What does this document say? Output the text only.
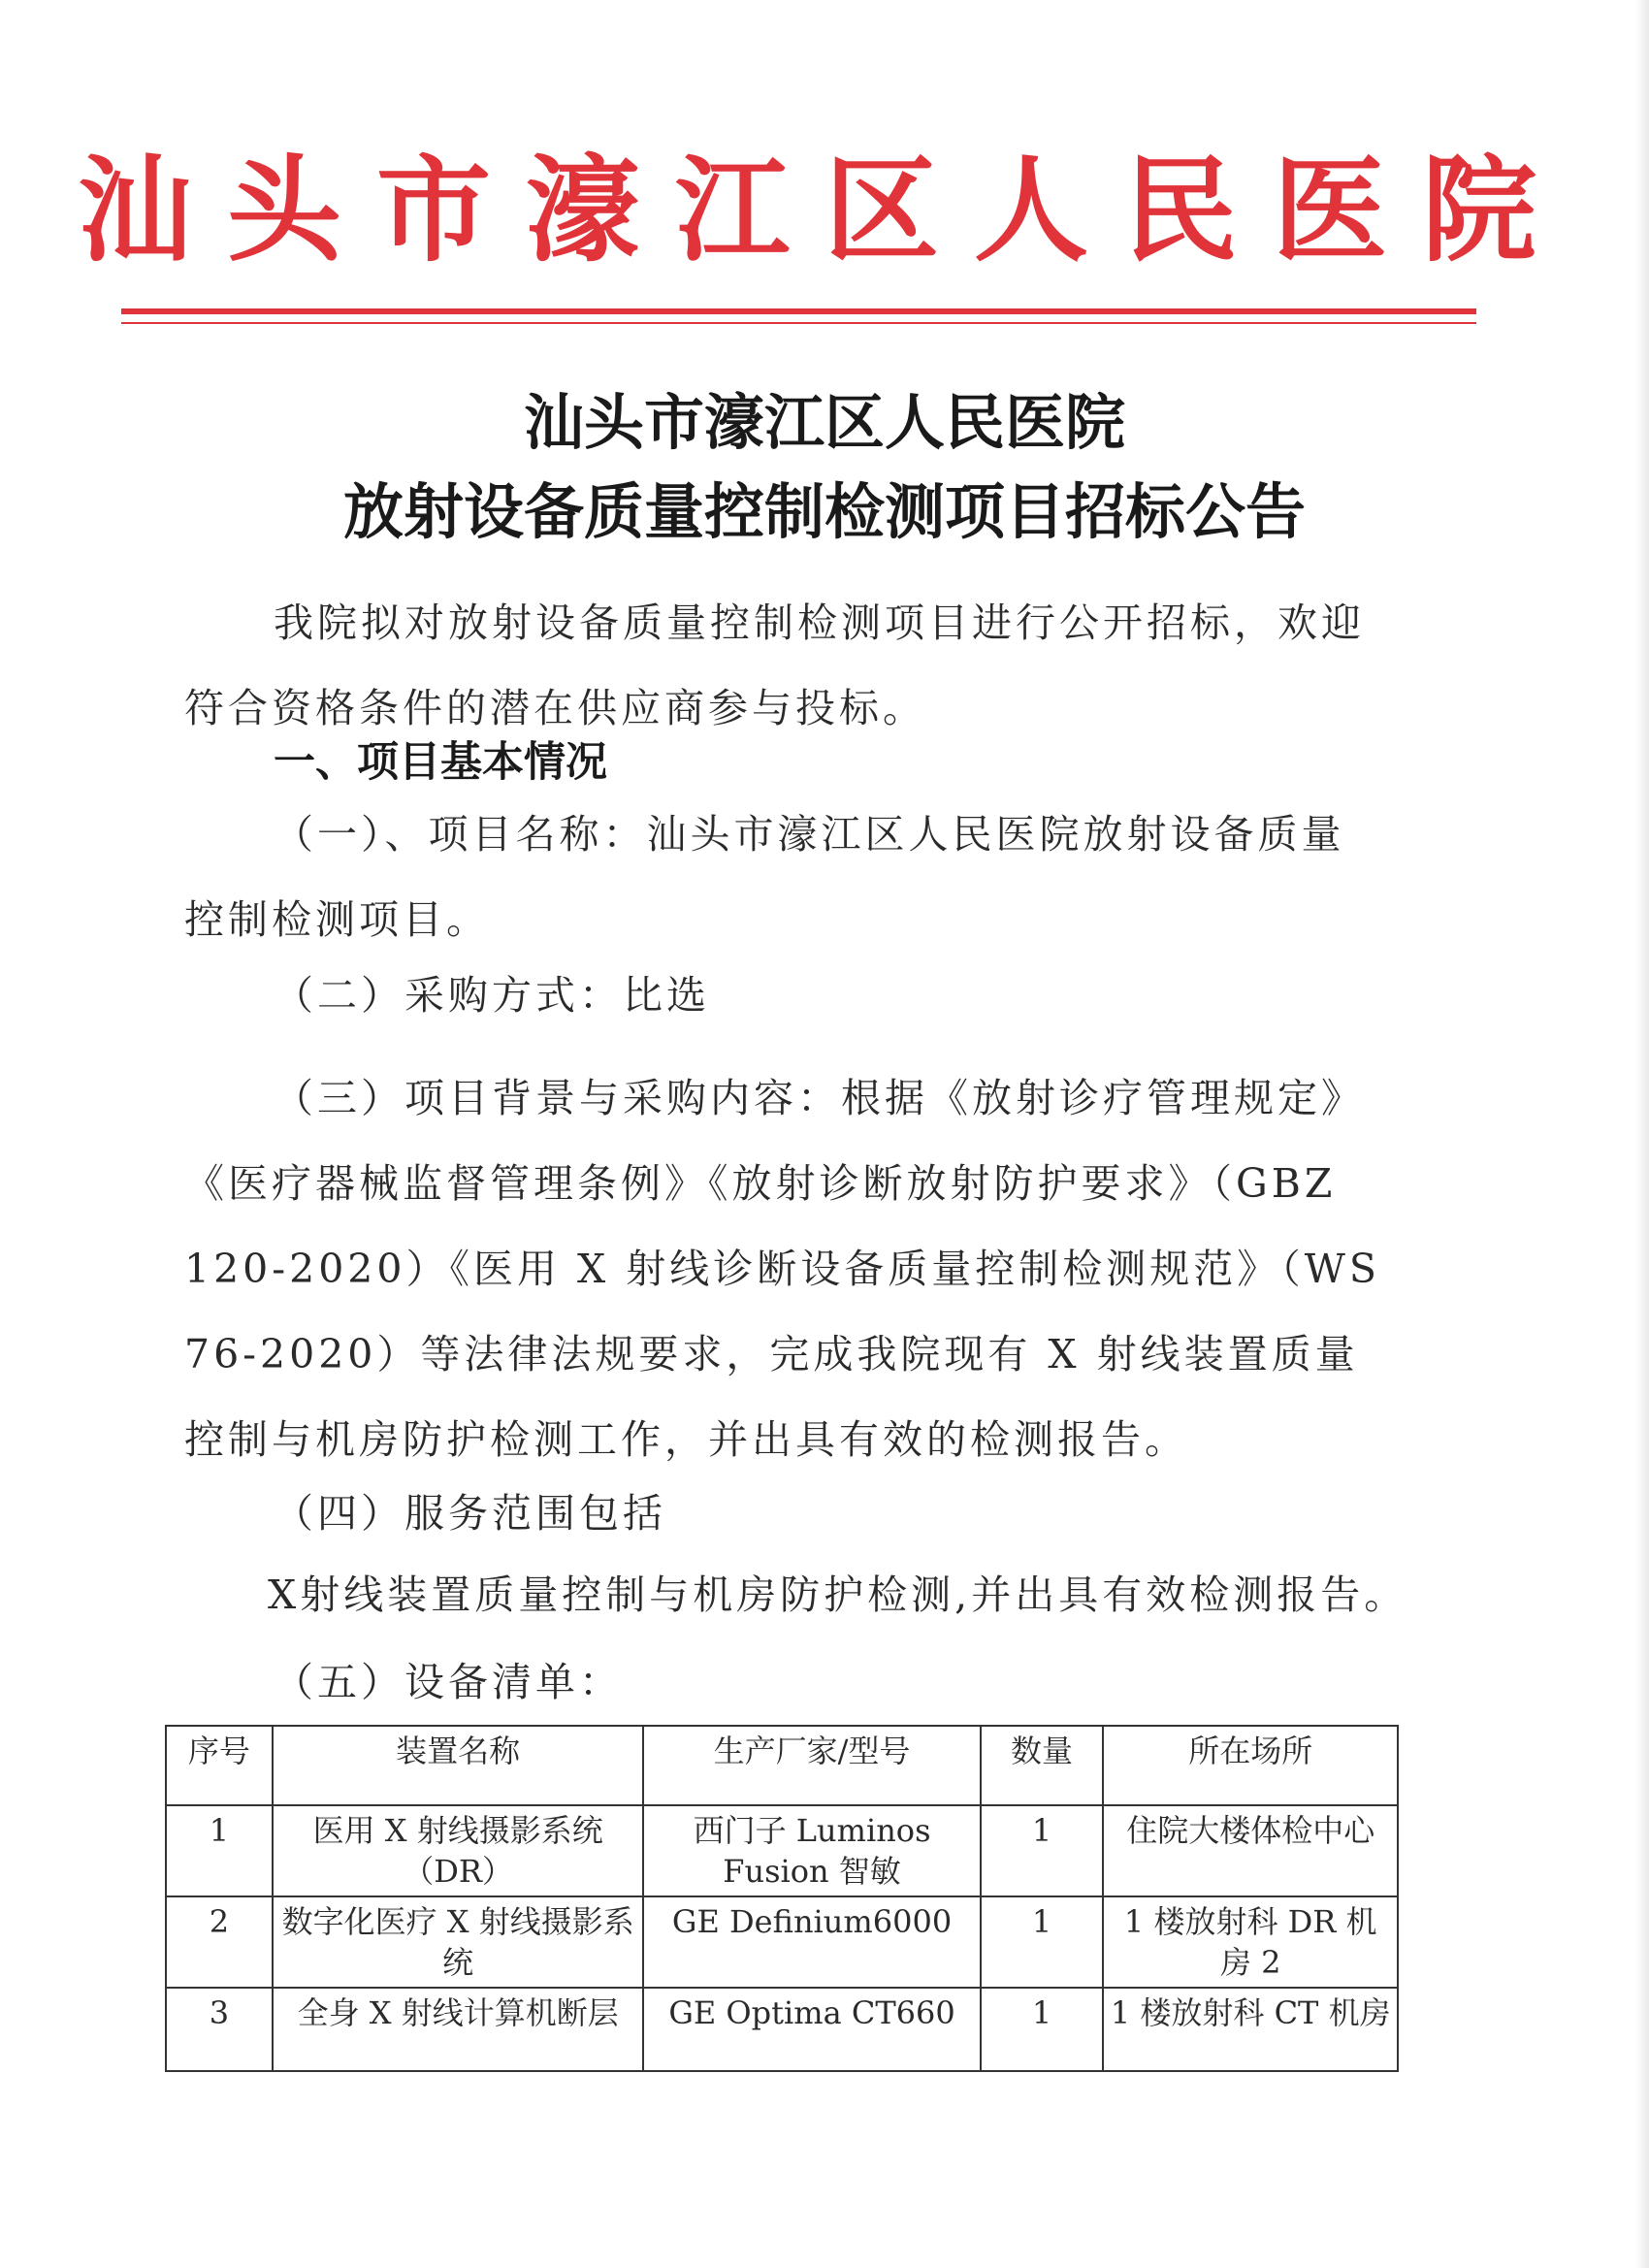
汕头市濠江区人民医院
汕头市濠江区人民医院
放射设备质量控制检测项目招标公告
我院拟对放射设备质量控制检测项目进行公开招标，欢迎符合资格条件的潜在供应商参与投标。
一、项目基本情况
（一）、项目名称：汕头市濠江区人民医院放射设备质量控制检测项目。
（二）采购方式：比选
（三）项目背景与采购内容：根据《放射诊疗管理规定》《医疗器械监督管理条例》《放射诊断放射防护要求》（GBZ 120-2020）《医用 X 射线诊断设备质量控制检测规范》（WS 76-2020）等法律法规要求，完成我院现有 X 射线装置质量控制与机房防护检测工作，并出具有效的检测报告。
（四）服务范围包括
X射线装置质量控制与机房防护检测,并出具有效检测报告。
（五）设备清单：
序号	装置名称	生产厂家/型号	数量	所在场所
1	医用 X 射线摄影系统（DR）	西门子 Luminos Fusion 智敏	1	住院大楼体检中心
2	数字化医疗 X 射线摄影系统	GE Definium6000	1	1 楼放射科 DR 机房 2
3	全身 X 射线计算机断层	GE Optima CT660	1	1 楼放射科 CT 机房
